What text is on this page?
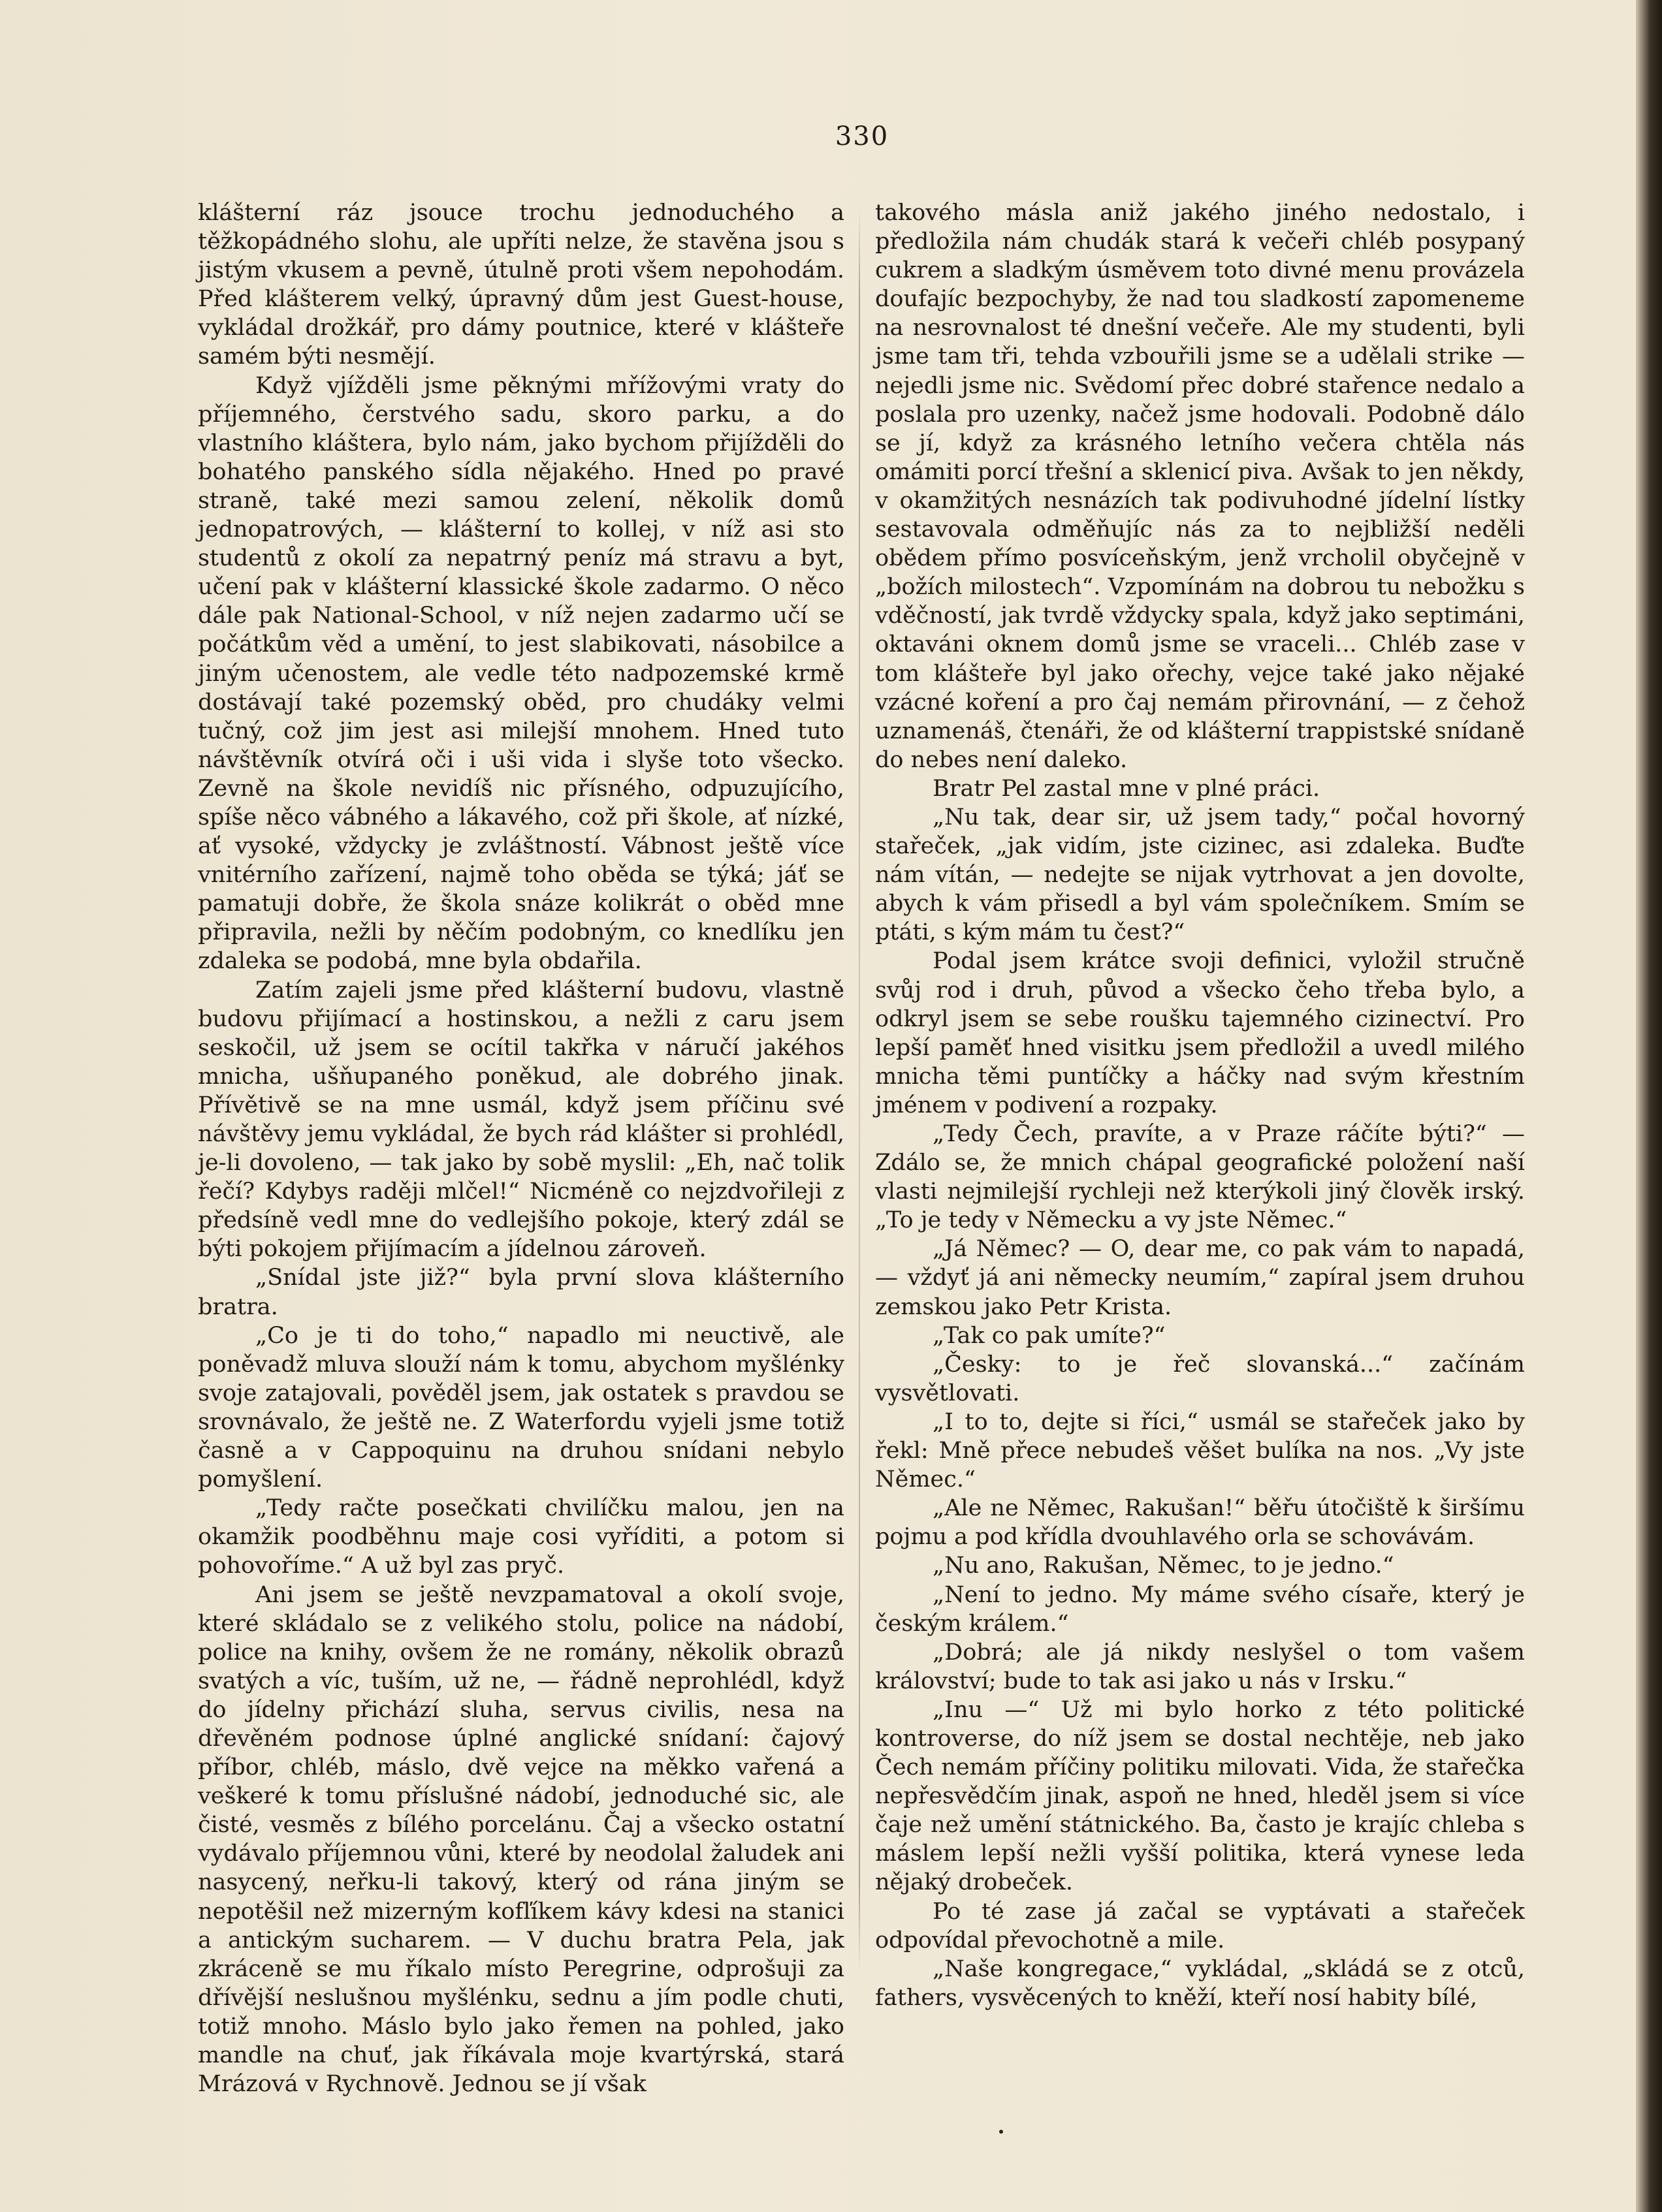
330

klášterní ráz jsouce trochu jednoduchého a těžkopádného slohu, ale upříti nelze, že stavěna jsou s jistým vkusem a pevně, útulně proti všem nepohodám. Před klášterem velký, úpravný dům jest Guest-house, vykládal drožkář, pro dámy poutnice, které v klášteře samém býti nesmějí.

Když vjížděli jsme pěknými mřížovými vraty do příjemného, čerstvého sadu, skoro parku, a do vlastního kláštera, bylo nám, jako bychom přijížděli do bohatého panského sídla nějakého. Hned po pravé straně, také mezi samou zelení, několik domů jednopatrových, — klášterní to kollej, v níž asi sto studentů z okolí za nepatrný peníz má stravu a byt, učení pak v klášterní klassické škole zadarmo. O něco dále pak National-School, v níž nejen zadarmo učí se počátkům věd a umění, to jest slabikovati, násobilce a jiným učenostem, ale vedle této nadpozemské krmě dostávají také pozemský oběd, pro chudáky velmi tučný, což jim jest asi milejší mnohem. Hned tuto návštěvník otvírá oči i uši vida i slyše toto všecko. Zevně na škole nevidíš nic přísného, odpuzujícího, spíše něco vábného a lákavého, což při škole, ať nízké, ať vysoké, vždycky je zvláštností. Vábnost ještě více vnitérního zařízení, najmě toho oběda se týká; jáť se pamatuji dobře, že škola snáze kolikrát o oběd mne připravila, nežli by něčím podobným, co knedlíku jen zdaleka se podobá, mne byla obdařila.

Zatím zajeli jsme před klášterní budovu, vlastně budovu přijímací a hostinskou, a nežli z caru jsem seskočil, už jsem se ocítil takřka v náručí jakéhos mnicha, ušňupaného poněkud, ale dobrého jinak. Přívětivě se na mne usmál, když jsem příčinu své návštěvy jemu vykládal, že bych rád klášter si prohlédl, je-li dovoleno, — tak jako by sobě myslil: „Eh, nač tolik řečí? Kdybys raději mlčel!“ Nicméně co nejzdvořileji z předsíně vedl mne do vedlejšího pokoje, který zdál se býti pokojem přijímacím a jídelnou zároveň.

„Snídal jste již?“ byla první slova klášterního bratra.

„Co je ti do toho,“ napadlo mi neuctivě, ale poněvadž mluva slouží nám k tomu, abychom myšlénky svoje zatajovali, pověděl jsem, jak ostatek s pravdou se srovnávalo, že ještě ne. Z Waterfordu vyjeli jsme totiž časně a v Cappoquinu na druhou snídani nebylo pomyšlení.

„Tedy račte posečkati chvilíčku malou, jen na okamžik poodběhnu maje cosi vyříditi, a potom si pohovoříme.“ A už byl zas pryč.

Ani jsem se ještě nevzpamatoval a okolí svoje, které skládalo se z velikého stolu, police na nádobí, police na knihy, ovšem že ne romány, několik obrazů svatých a víc, tuším, už ne, — řádně neprohlédl, když do jídelny přichází sluha, servus civilis, nesa na dřevěném podnose úplné anglické snídaní: čajový příbor, chléb, máslo, dvě vejce na měkko vařená a veškeré k tomu příslušné nádobí, jednoduché sic, ale čisté, vesměs z bílého porcelánu. Čaj a všecko ostatní vydávalo příjemnou vůni, které by neodolal žaludek ani nasycený, neřku-li takový, který od rána jiným se nepotěšil než mizerným kofľíkem kávy kdesi na stanici a antickým sucharem. — V duchu bratra Pela, jak zkráceně se mu říkalo místo Peregrine, odprošuji za dřívější neslušnou myšlénku, sednu a jím podle chuti, totiž mnoho. Máslo bylo jako řemen na pohled, jako mandle na chuť, jak říkávala moje kvartýrská, stará Mrázová v Rychnově. Jednou se jí však

takového másla aniž jakého jiného nedostalo, i předložila nám chudák stará k večeři chléb posypaný cukrem a sladkým úsměvem toto divné menu provázela doufajíc bezpochyby, že nad tou sladkostí zapomeneme na nesrovnalost té dnešní večeře. Ale my studenti, byli jsme tam tři, tehda vzbouřili jsme se a udělali strike — nejedli jsme nic. Svědomí přec dobré stařence nedalo a poslala pro uzenky, načež jsme hodovali. Podobně dálo se jí, když za krásného letního večera chtěla nás omámiti porcí třešní a sklenicí piva. Avšak to jen někdy, v okamžitých nesnázích tak podivuhodné jídelní lístky sestavovala odměňujíc nás za to nejbližší neděli obědem přímo posvíceňským, jenž vrcholil obyčejně v „božích milostech“. Vzpomínám na dobrou tu nebožku s vděčností, jak tvrdě vždycky spala, když jako septimáni, oktaváni oknem domů jsme se vraceli... Chléb zase v tom klášteře byl jako ořechy, vejce také jako nějaké vzácné koření a pro čaj nemám přirovnání, — z čehož uznamenáš, čtenáři, že od klášterní trappistské snídaně do nebes není daleko.

Bratr Pel zastal mne v plné práci.

„Nu tak, dear sir, už jsem tady,“ počal hovorný stařeček, „jak vidím, jste cizinec, asi zdaleka. Buďte nám vítán, — nedejte se nijak vytrhovat a jen dovolte, abych k vám přisedl a byl vám společníkem. Smím se ptáti, s kým mám tu čest?“

Podal jsem krátce svoji definici, vyložil stručně svůj rod i druh, původ a všecko čeho třeba bylo, a odkryl jsem se sebe roušku tajemného cizinectví. Pro lepší paměť hned visitku jsem předložil a uvedl milého mnicha těmi puntíčky a háčky nad svým křestním jménem v podivení a rozpaky.

„Tedy Čech, pravíte, a v Praze ráčíte býti?“ — Zdálo se, že mnich chápal geografické položení naší vlasti nejmilejší rychleji než kterýkoli jiný člověk irský. „To je tedy v Německu a vy jste Němec.“

„Já Němec? — O, dear me, co pak vám to napadá, — vždyť já ani německy neumím,“ zapíral jsem druhou zemskou jako Petr Krista.

„Tak co pak umíte?“

„Česky: to je řeč slovanská...“ začínám vysvětlovati.

„I to to, dejte si říci,“ usmál se stařeček jako by řekl: Mně přece nebudeš věšet bulíka na nos. „Vy jste Němec.“

„Ale ne Němec, Rakušan!“ běřu útočiště k širšímu pojmu a pod křídla dvouhlavého orla se schovávám.

„Nu ano, Rakušan, Němec, to je jedno.“

„Není to jedno. My máme svého císaře, který je českým králem.“

„Dobrá; ale já nikdy neslyšel o tom vašem království; bude to tak asi jako u nás v Irsku.“

„Inu —“ Už mi bylo horko z této politické kontroverse, do níž jsem se dostal nechtěje, neb jako Čech nemám příčiny politiku milovati. Vida, že stařečka nepřesvědčím jinak, aspoň ne hned, hleděl jsem si více čaje než umění státnického. Ba, často je krajíc chleba s máslem lepší nežli vyšší politika, která vynese leda nějaký drobeček.

Po té zase já začal se vyptávati a stařeček odpovídal převochotně a mile.

„Naše kongregace,“ vykládal, „skládá se z otců, fathers, vysvěcených to kněží, kteří nosí habity bílé,
